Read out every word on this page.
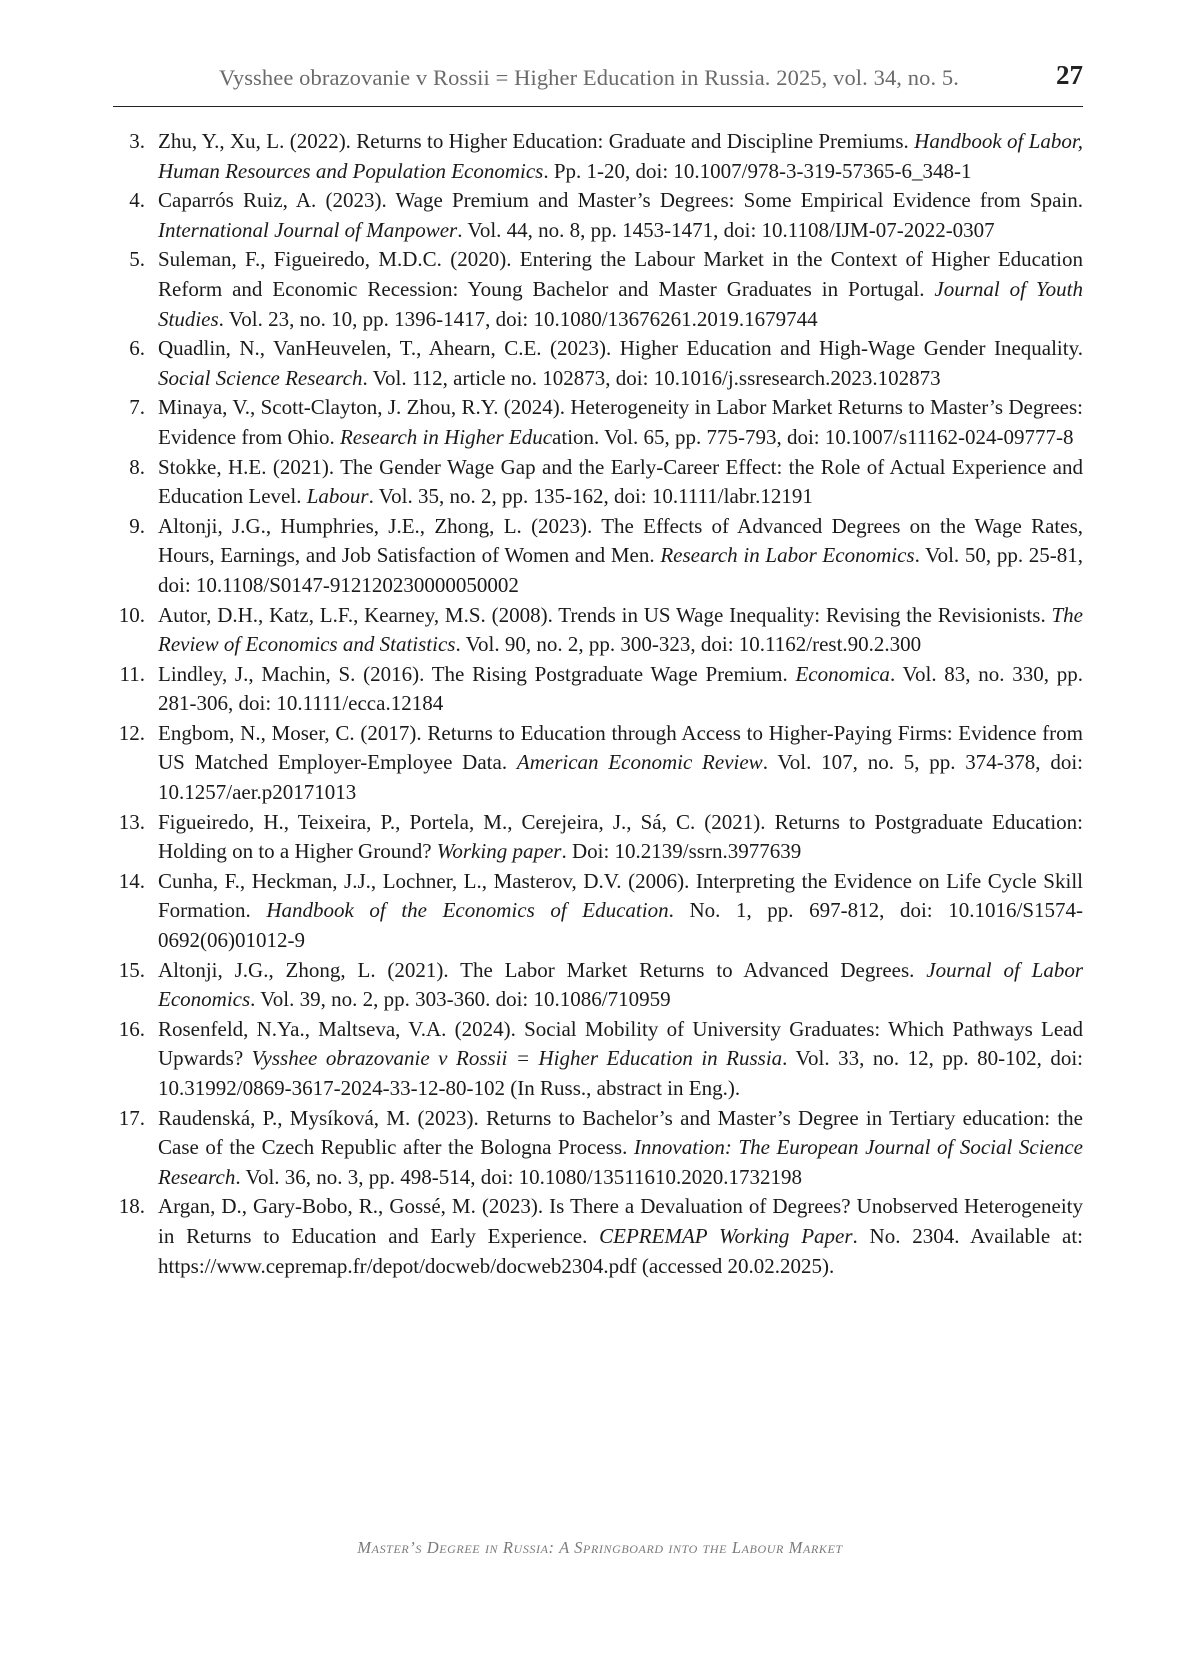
Vysshee obrazovanie v Rossii = Higher Education in Russia. 2025, vol. 34, no. 5.	27
3. Zhu, Y., Xu, L. (2022). Returns to Higher Education: Graduate and Discipline Premiums. Handbook of Labor, Human Resources and Population Economics. Pp. 1-20, doi: 10.1007/978-3-319-57365-6_348-1
4. Caparrós Ruiz, A. (2023). Wage Premium and Master’s Degrees: Some Empirical Evidence from Spain. International Journal of Manpower. Vol. 44, no. 8, pp. 1453-1471, doi: 10.1108/IJM-07-2022-0307
5. Suleman, F., Figueiredo, M.D.C. (2020). Entering the Labour Market in the Context of Higher Education Reform and Economic Recession: Young Bachelor and Master Graduates in Portugal. Journal of Youth Studies. Vol. 23, no. 10, pp. 1396-1417, doi: 10.1080/13676261.2019.1679744
6. Quadlin, N., VanHeuvelen, T., Ahearn, C.E. (2023). Higher Education and High-Wage Gender Inequality. Social Science Research. Vol. 112, article no. 102873, doi: 10.1016/j.ssresearch.2023.102873
7. Minaya, V., Scott-Clayton, J. Zhou, R.Y. (2024). Heterogeneity in Labor Market Returns to Master’s Degrees: Evidence from Ohio. Research in Higher Education. Vol. 65, pp. 775-793, doi: 10.1007/s11162-024-09777-8
8. Stokke, H.E. (2021). The Gender Wage Gap and the Early-Career Effect: the Role of Actual Experience and Education Level. Labour. Vol. 35, no. 2, pp. 135-162, doi: 10.1111/labr.12191
9. Altonji, J.G., Humphries, J.E., Zhong, L. (2023). The Effects of Advanced Degrees on the Wage Rates, Hours, Earnings, and Job Satisfaction of Women and Men. Research in Labor Economics. Vol. 50, pp. 25-81, doi: 10.1108/S0147-912120230000050002
10. Autor, D.H., Katz, L.F., Kearney, M.S. (2008). Trends in US Wage Inequality: Revising the Revisionists. The Review of Economics and Statistics. Vol. 90, no. 2, pp. 300-323, doi: 10.1162/rest.90.2.300
11. Lindley, J., Machin, S. (2016). The Rising Postgraduate Wage Premium. Economica. Vol. 83, no. 330, pp. 281-306, doi: 10.1111/ecca.12184
12. Engbom, N., Moser, C. (2017). Returns to Education through Access to Higher-Paying Firms: Evidence from US Matched Employer-Employee Data. American Economic Review. Vol. 107, no. 5, pp. 374-378, doi: 10.1257/aer.p20171013
13. Figueiredo, H., Teixeira, P., Portela, M., Cerejeira, J., Sá, C. (2021). Returns to Postgraduate Education: Holding on to a Higher Ground? Working paper. Doi: 10.2139/ssrn.3977639
14. Cunha, F., Heckman, J.J., Lochner, L., Masterov, D.V. (2006). Interpreting the Evidence on Life Cycle Skill Formation. Handbook of the Economics of Education. No. 1, pp. 697-812, doi: 10.1016/S1574-0692(06)01012-9
15. Altonji, J.G., Zhong, L. (2021). The Labor Market Returns to Advanced Degrees. Journal of Labor Economics. Vol. 39, no. 2, pp. 303-360. doi: 10.1086/710959
16. Rosenfeld, N.Ya., Maltseva, V.A. (2024). Social Mobility of University Graduates: Which Pathways Lead Upwards? Vysshee obrazovanie v Rossii = Higher Education in Russia. Vol. 33, no. 12, pp. 80-102, doi: 10.31992/0869-3617-2024-33-12-80-102 (In Russ., abstract in Eng.).
17. Raudenská, P., Mysíková, M. (2023). Returns to Bachelor’s and Master’s Degree in Tertiary education: the Case of the Czech Republic after the Bologna Process. Innovation: The European Journal of Social Science Research. Vol. 36, no. 3, pp. 498-514, doi: 10.1080/13511610.2020.1732198
18. Argan, D., Gary-Bobo, R., Gossé, M. (2023). Is There a Devaluation of Degrees? Unobserved Heterogeneity in Returns to Education and Early Experience. CEPREMAP Working Paper. No. 2304. Available at: https://www.cepremap.fr/depot/docweb/docweb2304.pdf (accessed 20.02.2025).
Master’s Degree in Russia: A Springboard into the Labour Market
